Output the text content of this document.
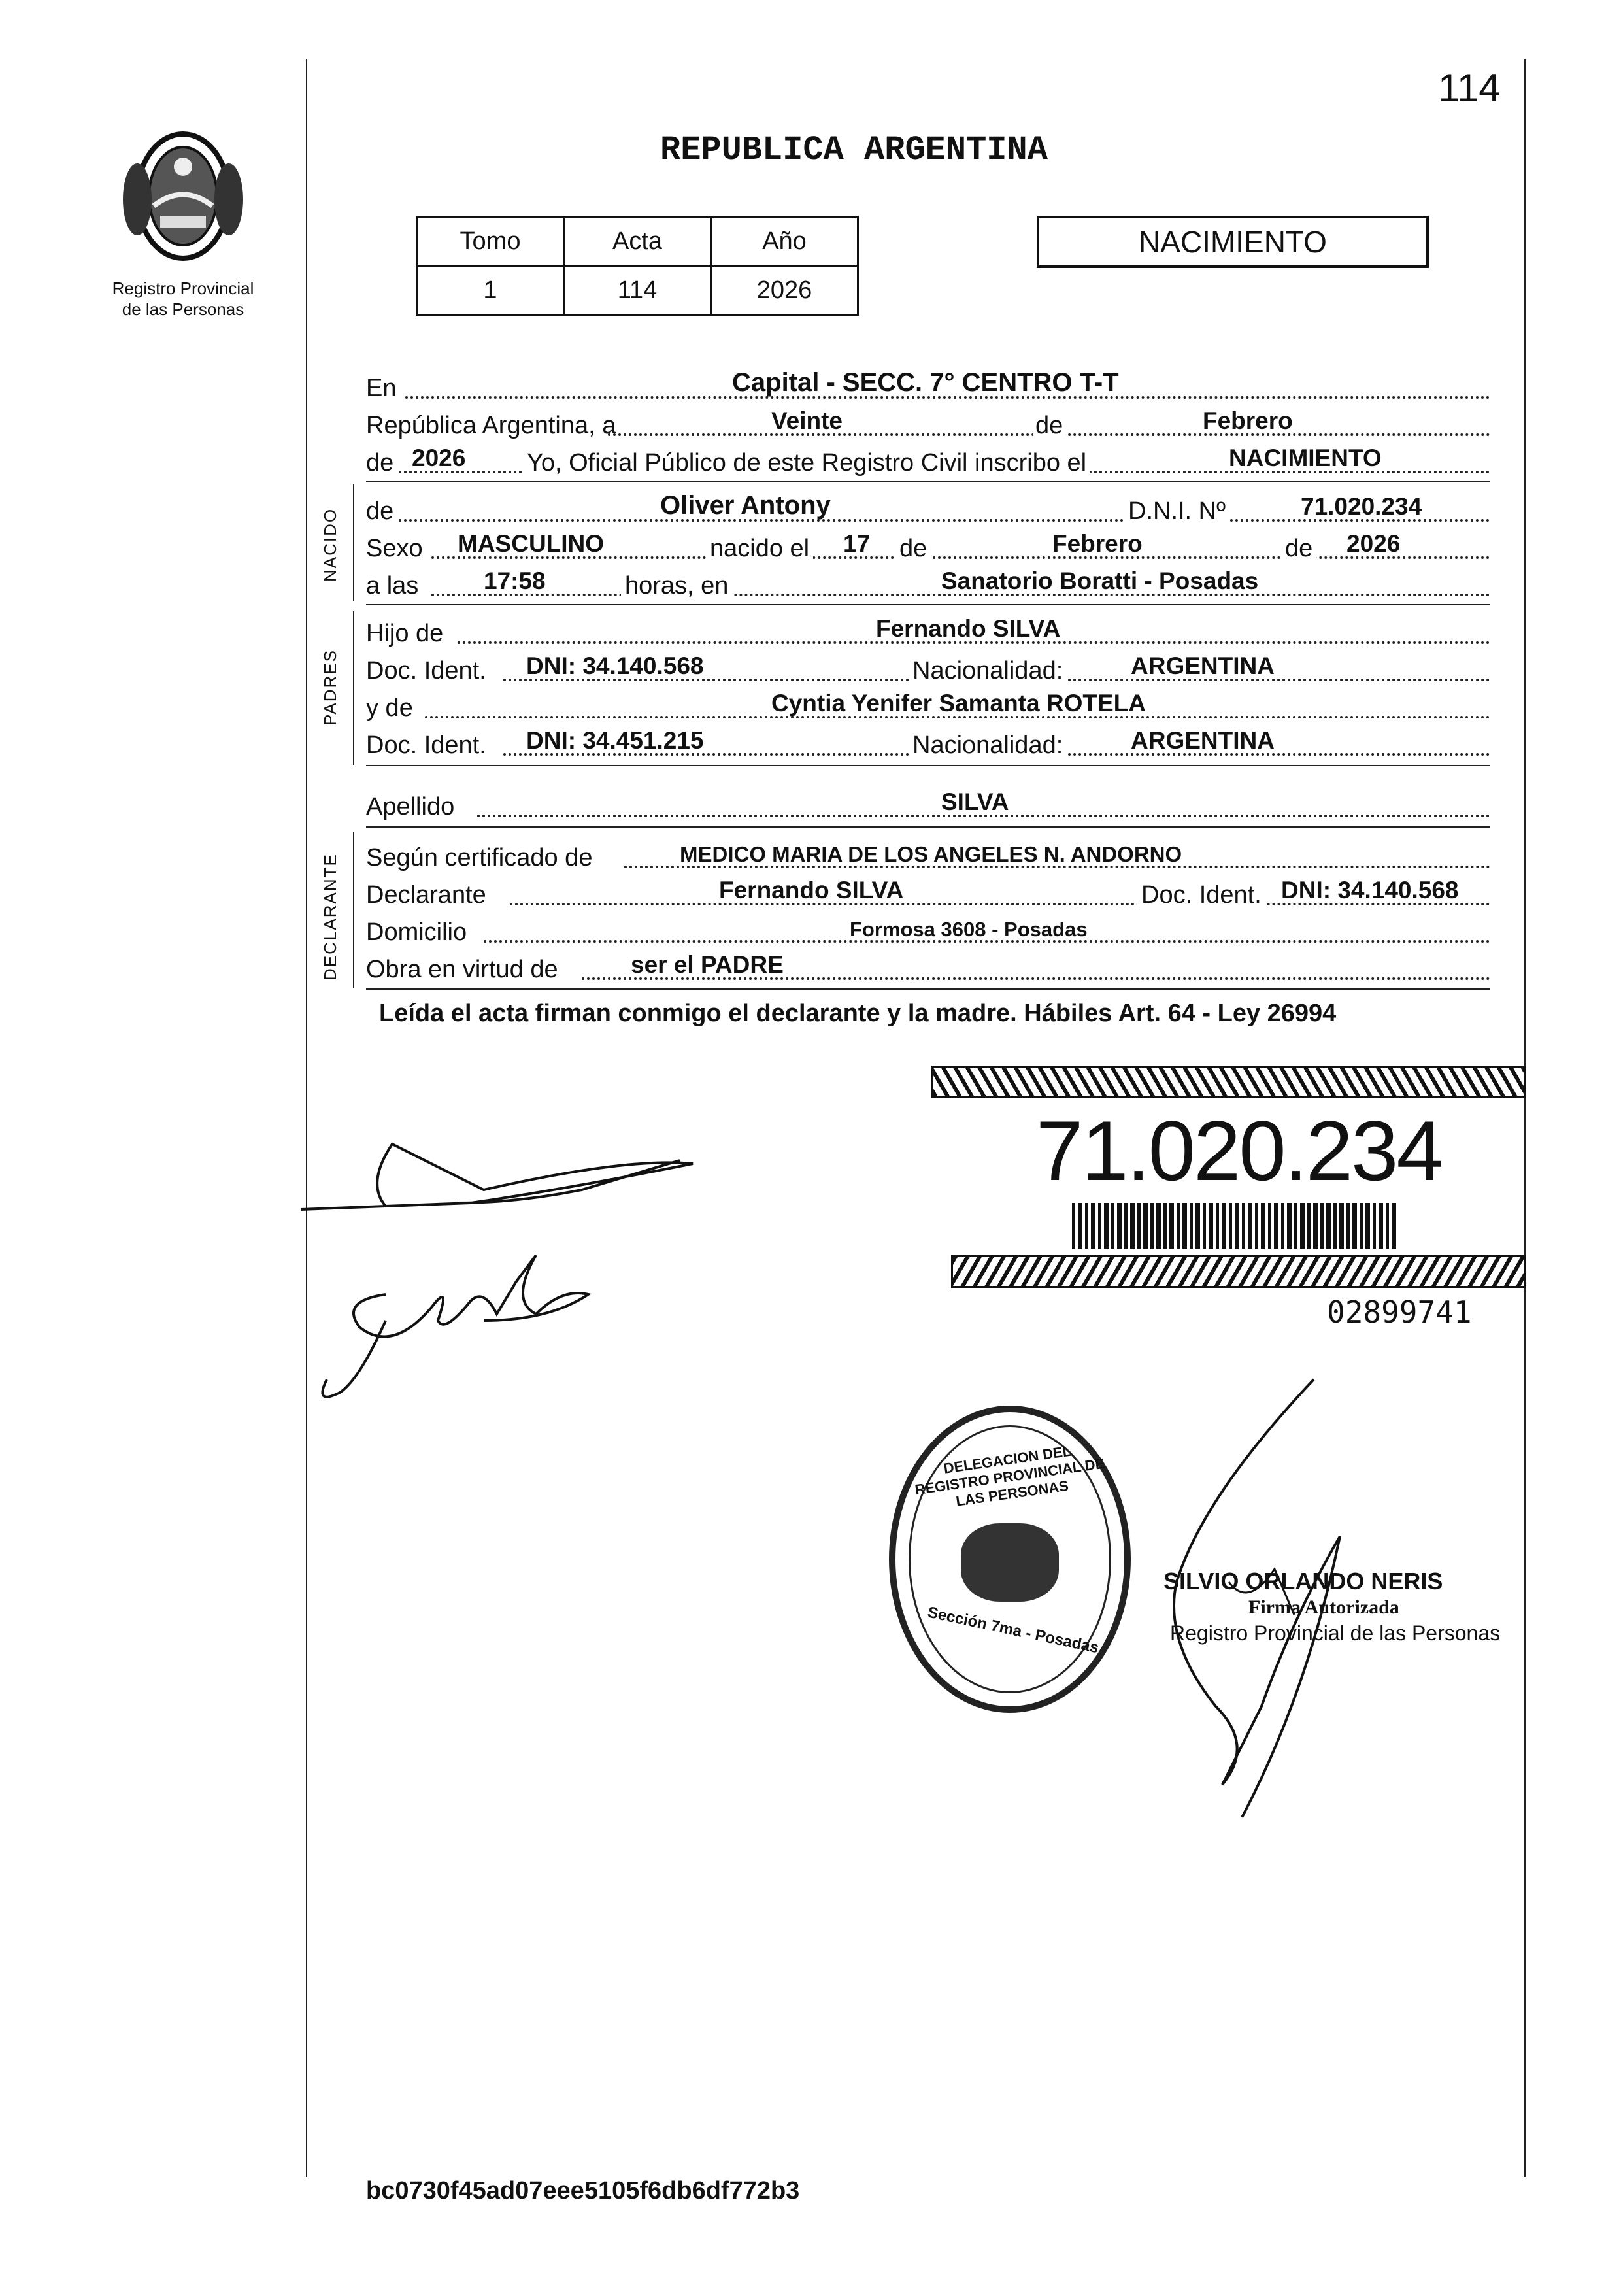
114
Registro Provincial
de las Personas
REPUBLICA ARGENTINA
Tomo	Acta	Año
1	114	2026
NACIMIENTO
En	Capital - SECC. 7° CENTRO T-T
República Argentina, a	Veinte	de	Febrero
de 2026 Yo, Oficial Público de este Registro Civil inscribo el	NACIMIENTO
NACIDO de	Oliver Antony	D.N.I. Nº	71.020.234
Sexo MASCULINO	nacido el 17 de	Febrero	de 2026
a las	17:58	horas, en	Sanatorio Boratti - Posadas
PADRES
Hijo de	Fernando SILVA
Doc. Ident. DNI: 34.140.568	Nacionalidad:	ARGENTINA
y de	Cyntia Yenifer Samanta ROTELA
Doc. Ident. DNI: 34.451.215	Nacionalidad:	ARGENTINA
Apellido	SILVA
DECLARANTE Según certificado de	MEDICO MARIA DE LOS ANGELES N. ANDORNO
Declarante	Fernando SILVA	Doc. Ident. DNI: 34.140.568
Domicilio	Formosa 3608 - Posadas
Obra en virtud de	ser el PADRE
Leída el acta firman conmigo el declarante y la madre. Hábiles Art. 64 - Ley 26994
71.020.234
02899741
DELEGACION DEL REGISTRO PROVINCIAL DE LAS PERSONAS
Sección 7ma - Posadas
SILVIO ORLANDO NERIS
Firma Autorizada
Registro Provincial de las Personas
bc0730f45ad07eee5105f6db6df772b3
